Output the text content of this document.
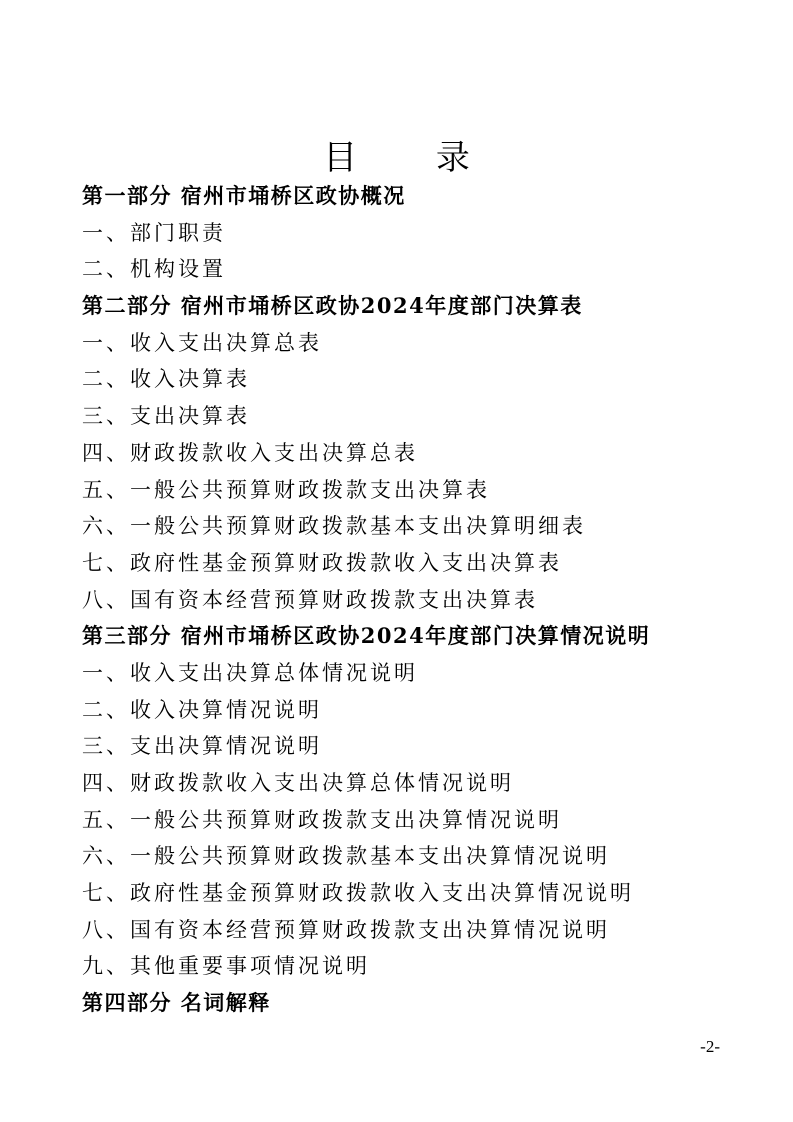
目 录
第一部分 宿州市埇桥区政协概况
一、部门职责
二、机构设置
第二部分 宿州市埇桥区政协2024年度部门决算表
一、收入支出决算总表
二、收入决算表
三、支出决算表
四、财政拨款收入支出决算总表
五、一般公共预算财政拨款支出决算表
六、一般公共预算财政拨款基本支出决算明细表
七、政府性基金预算财政拨款收入支出决算表
八、国有资本经营预算财政拨款支出决算表
第三部分 宿州市埇桥区政协2024年度部门决算情况说明
一、收入支出决算总体情况说明
二、收入决算情况说明
三、支出决算情况说明
四、财政拨款收入支出决算总体情况说明
五、一般公共预算财政拨款支出决算情况说明
六、一般公共预算财政拨款基本支出决算情况说明
七、政府性基金预算财政拨款收入支出决算情况说明
八、国有资本经营预算财政拨款支出决算情况说明
九、其他重要事项情况说明
第四部分 名词解释
-2-
